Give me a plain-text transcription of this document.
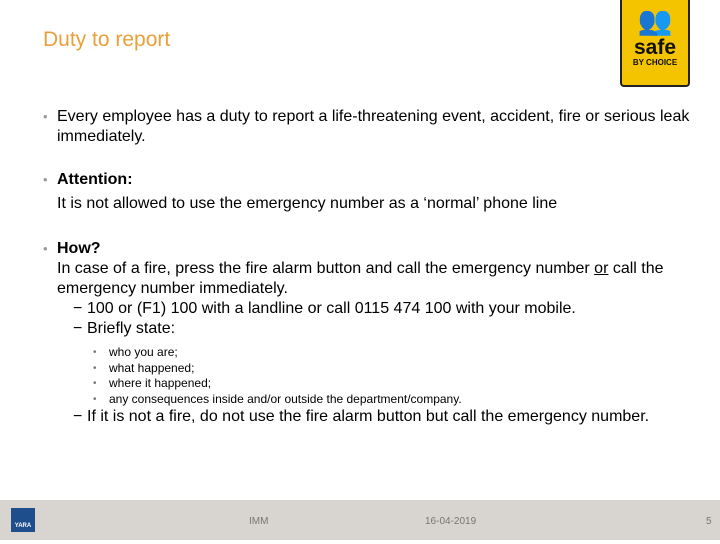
Duty to report
👥
safe
BY CHOICE
• Every employee has a duty to report a life-threatening event, accident, fire or serious leak immediately.
• Attention:
It is not allowed to use the emergency number as a ‘normal’ phone line
• How?
In case of a fire, press the fire alarm button and call the emergency number or call the emergency number immediately.
− 100 or (F1) 100 with a landline or call 0115 474 100 with your mobile.
− Briefly state:
• who you are;
• what happened;
• where it happened;
• any consequences inside and/or outside the department/company.
− If it is not a fire, do not use the fire alarm button but call the emergency number.
YARA	IMM	16-04-2019	5
